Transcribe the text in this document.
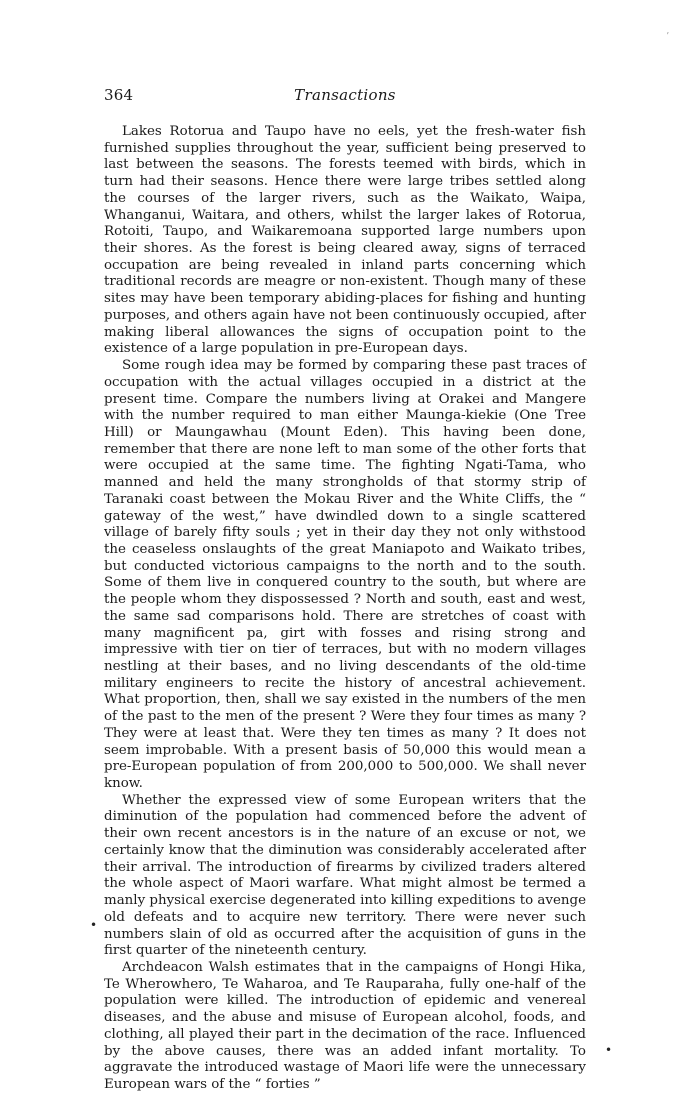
364	Transactions

Lakes Rotorua and Taupo have no eels, yet the fresh-water fish furnished supplies throughout the year, sufficient being preserved to last between the seasons. The forests teemed with birds, which in turn had their seasons. Hence there were large tribes settled along the courses of the larger rivers, such as the Waikato, Waipa, Whanganui, Waitara, and others, whilst the larger lakes of Rotorua, Rotoiti, Taupo, and Waikaremoana supported large numbers upon their shores. As the forest is being cleared away, signs of terraced occupation are being revealed in inland parts concerning which traditional records are meagre or non-existent. Though many of these sites may have been temporary abiding-places for fishing and hunting purposes, and others again have not been continuously occupied, after making liberal allowances the signs of occupation point to the existence of a large population in pre-European days.

Some rough idea may be formed by comparing these past traces of occupation with the actual villages occupied in a district at the present time. Compare the numbers living at Orakei and Mangere with the number required to man either Maunga-kiekie (One Tree Hill) or Maungawhau (Mount Eden). This having been done, remember that there are none left to man some of the other forts that were occupied at the same time. The fighting Ngati-Tama, who manned and held the many strongholds of that stormy strip of Taranaki coast between the Mokau River and the White Cliffs, the “ gateway of the west,” have dwindled down to a single scattered village of barely fifty souls ; yet in their day they not only withstood the ceaseless onslaughts of the great Maniapoto and Waikato tribes, but conducted victorious campaigns to the north and to the south. Some of them live in conquered country to the south, but where are the people whom they dispossessed ? North and south, east and west, the same sad comparisons hold. There are stretches of coast with many magnificent pa, girt with fosses and rising strong and impressive with tier on tier of terraces, but with no modern villages nestling at their bases, and no living descendants of the old-time military engineers to recite the history of ancestral achievement. What proportion, then, shall we say existed in the numbers of the men of the past to the men of the present ? Were they four times as many ? They were at least that. Were they ten times as many ? It does not seem improbable. With a present basis of 50,000 this would mean a pre-European population of from 200,000 to 500,000. We shall never know.

Whether the expressed view of some European writers that the diminution of the population had commenced before the advent of their own recent ancestors is in the nature of an excuse or not, we certainly know that the diminution was considerably accelerated after their arrival. The introduction of firearms by civilized traders altered the whole aspect of Maori warfare. What might almost be termed a manly physical exercise degenerated into killing expeditions to avenge old defeats and to acquire new territory. There were never such numbers slain of old as occurred after the acquisition of guns in the first quarter of the nineteenth century.

Archdeacon Walsh estimates that in the campaigns of Hongi Hika, Te Wherowhero, Te Waharoa, and Te Rauparaha, fully one-half of the population were killed. The introduction of epidemic and venereal diseases, and the abuse and misuse of European alcohol, foods, and clothing, all played their part in the decimation of the race. Influenced by the above causes, there was an added infant mortality. To aggravate the introduced wastage of Maori life were the unnecessary European wars of the “ forties ”

•
•
ʼ
